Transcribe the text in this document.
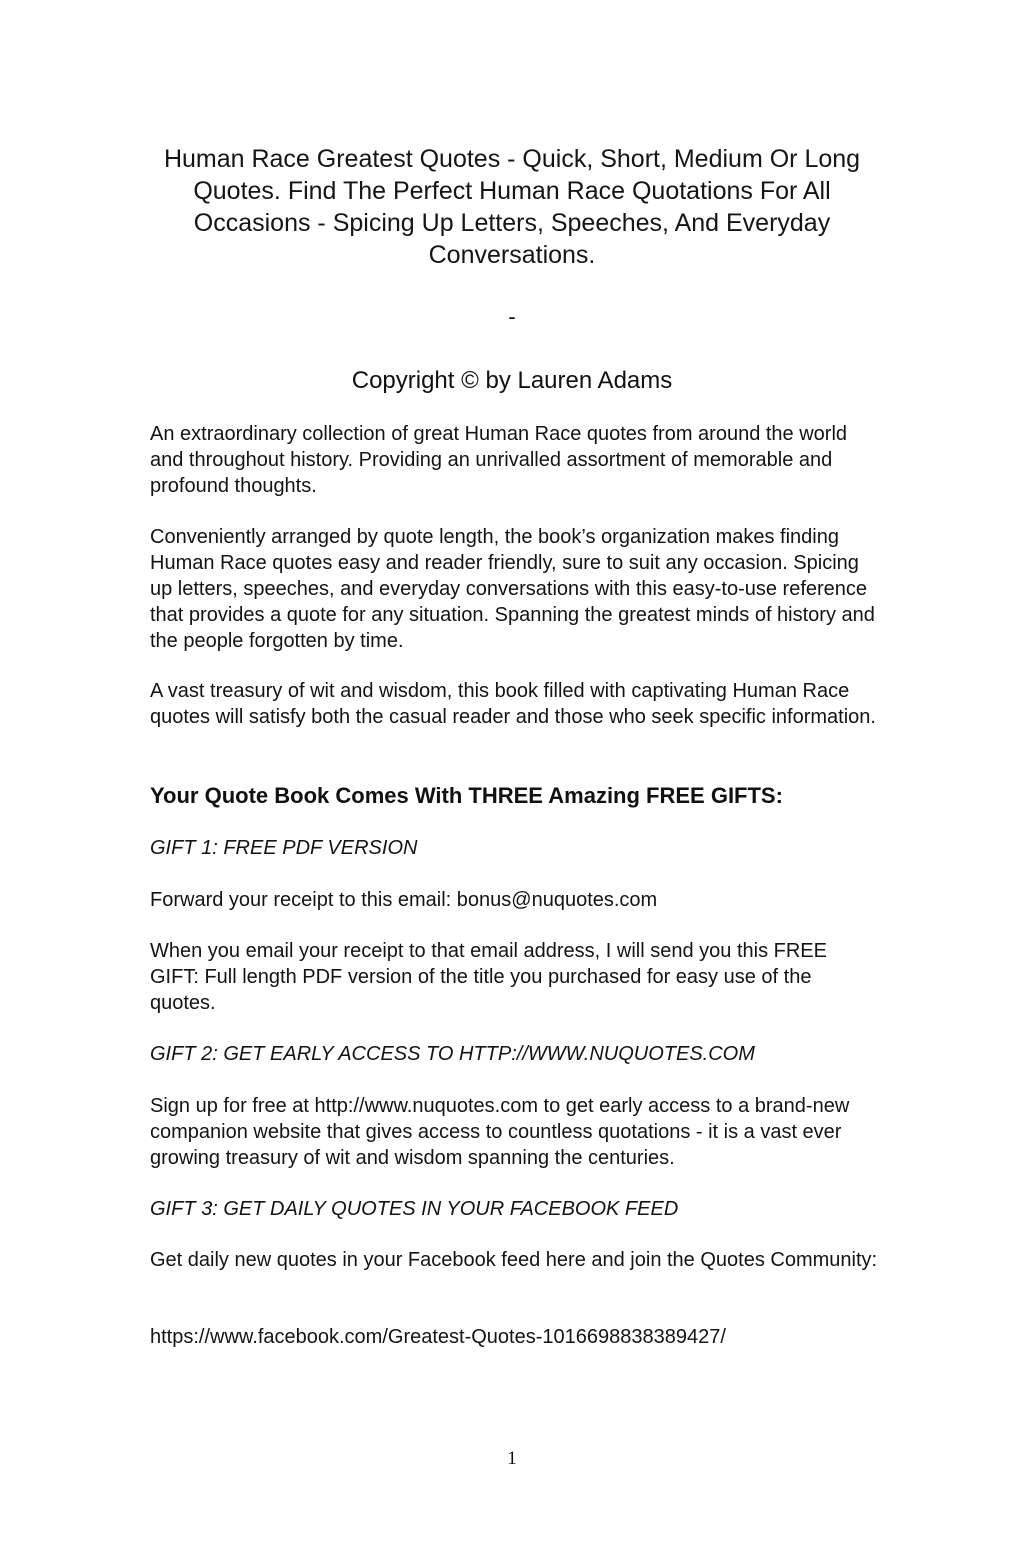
Human Race Greatest Quotes - Quick, Short, Medium Or Long Quotes. Find The Perfect Human Race Quotations For All Occasions - Spicing Up Letters, Speeches, And Everyday Conversations.
-
Copyright © by Lauren Adams

An extraordinary collection of great Human Race quotes from around the world and throughout history. Providing an unrivalled assortment of memorable and profound thoughts.

Conveniently arranged by quote length, the book’s organization makes finding Human Race quotes easy and reader friendly, sure to suit any occasion. Spicing up letters, speeches, and everyday conversations with this easy-to-use reference that provides a quote for any situation. Spanning the greatest minds of history and the people forgotten by time.

A vast treasury of wit and wisdom, this book filled with captivating Human Race quotes will satisfy both the casual reader and those who seek specific information.

Your Quote Book Comes With THREE Amazing FREE GIFTS:

GIFT 1: FREE PDF VERSION

Forward your receipt to this email: bonus@nuquotes.com

When you email your receipt to that email address, I will send you this FREE GIFT: Full length PDF version of the title you purchased for easy use of the quotes.

GIFT 2: GET EARLY ACCESS TO HTTP://WWW.NUQUOTES.COM

Sign up for free at http://www.nuquotes.com to get early access to a brand-new companion website that gives access to countless quotations - it is a vast ever growing treasury of wit and wisdom spanning the centuries.

GIFT 3: GET DAILY QUOTES IN YOUR FACEBOOK FEED

Get daily new quotes in your Facebook feed here and join the Quotes Community:

https://www.facebook.com/Greatest-Quotes-1016698838389427/

1
